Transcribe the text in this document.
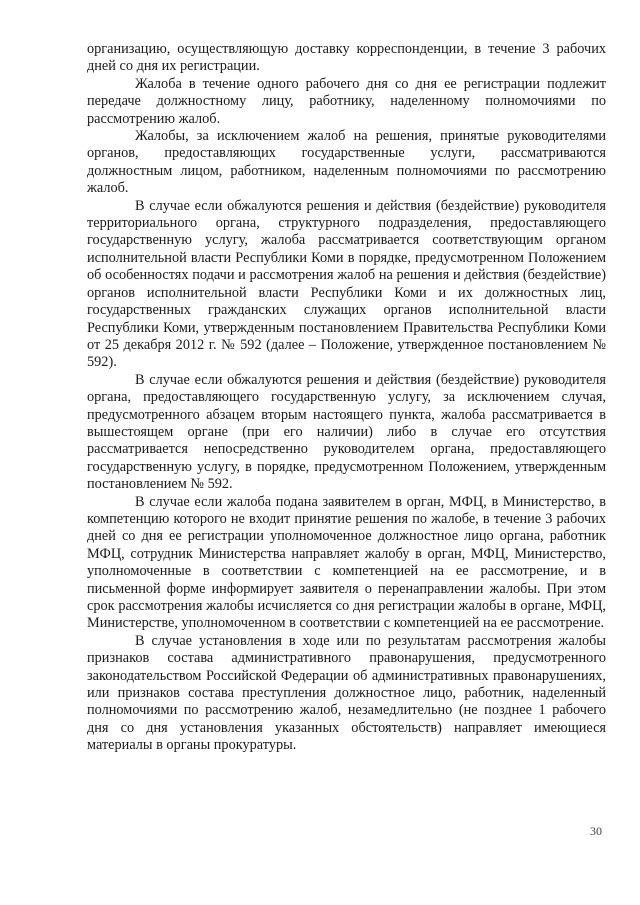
организацию, осуществляющую доставку корреспонденции, в течение 3 рабочих дней со дня их регистрации.

Жалоба в течение одного рабочего дня со дня ее регистрации подлежит передаче должностному лицу, работнику, наделенному полномочиями по рассмотрению жалоб.

Жалобы, за исключением жалоб на решения, принятые руководителями органов, предоставляющих государственные услуги, рассматриваются должностным лицом, работником, наделенным полномочиями по рассмотрению жалоб.

В случае если обжалуются решения и действия (бездействие) руководителя территориального органа, структурного подразделения, предоставляющего государственную услугу, жалоба рассматривается соответствующим органом исполнительной власти Республики Коми в порядке, предусмотренном Положением об особенностях подачи и рассмотрения жалоб на решения и действия (бездействие) органов исполнительной власти Республики Коми и их должностных лиц, государственных гражданских служащих органов исполнительной власти Республики Коми, утвержденным постановлением Правительства Республики Коми от 25 декабря 2012 г. № 592 (далее – Положение, утвержденное постановлением № 592).

В случае если обжалуются решения и действия (бездействие) руководителя органа, предоставляющего государственную услугу, за исключением случая, предусмотренного абзацем вторым настоящего пункта, жалоба рассматривается в вышестоящем органе (при его наличии) либо в случае его отсутствия рассматривается непосредственно руководителем органа, предоставляющего государственную услугу, в порядке, предусмотренном Положением, утвержденным постановлением № 592.

В случае если жалоба подана заявителем в орган, МФЦ, в Министерство, в компетенцию которого не входит принятие решения по жалобе, в течение 3 рабочих дней со дня ее регистрации уполномоченное должностное лицо органа, работник МФЦ, сотрудник Министерства направляет жалобу в орган, МФЦ, Министерство, уполномоченные в соответствии с компетенцией на ее рассмотрение, и в письменной форме информирует заявителя о перенаправлении жалобы. При этом срок рассмотрения жалобы исчисляется со дня регистрации жалобы в органе, МФЦ, Министерстве, уполномоченном в соответствии с компетенцией на ее рассмотрение.

В случае установления в ходе или по результатам рассмотрения жалобы признаков состава административного правонарушения, предусмотренного законодательством Российской Федерации об административных правонарушениях, или признаков состава преступления должностное лицо, работник, наделенный полномочиями по рассмотрению жалоб, незамедлительно (не позднее 1 рабочего дня со дня установления указанных обстоятельств) направляет имеющиеся материалы в органы прокуратуры.

30
